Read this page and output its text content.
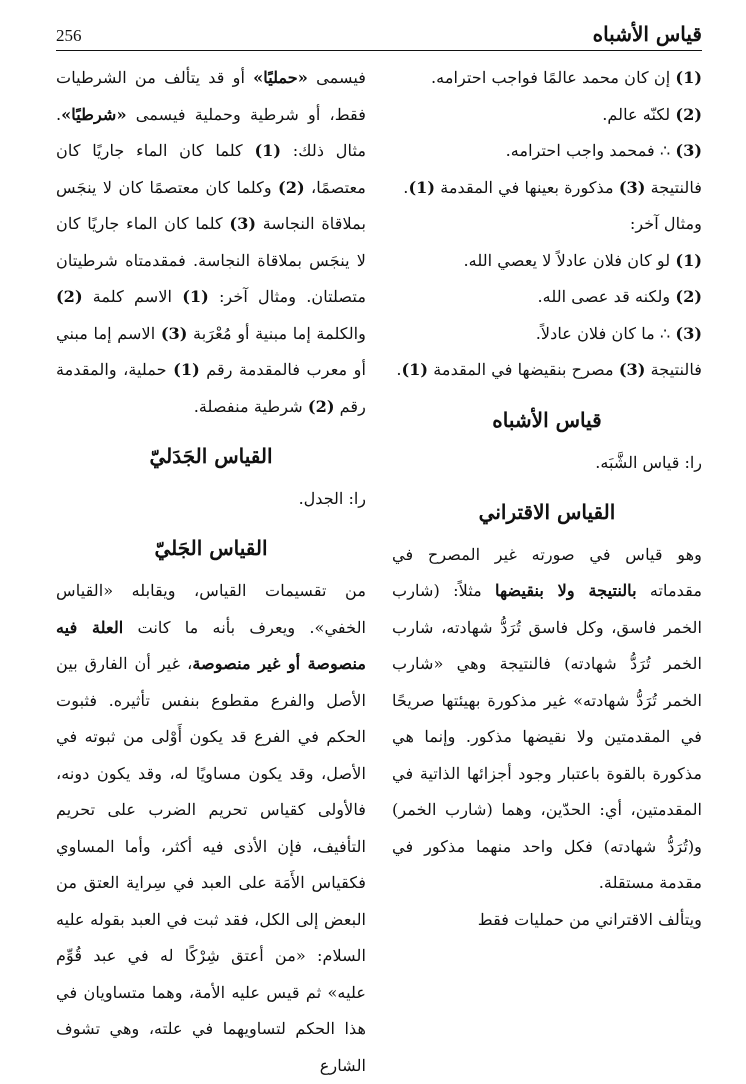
قياس الأشباه
256

(1) إن كان محمد عالمًا فواجب احترامه.

(2) لكنّه عالم.

(3) ∴ فمحمد واجب احترامه.

فالنتيجة (3) مذكورة بعينها في المقدمة (1).

ومثال آخر:

(1) لو كان فلان عادلاً لا يعصي الله.

(2) ولكنه قد عصى الله.

(3) ∴ ما كان فلان عادلاً.

فالنتيجة (3) مصرح بنقيضها في المقدمة (1).

قياس الأشباه

را: قياس الشَّبَه.

القياس الاقتراني

وهو قياس في صورته غير المصرح في مقدماته بالنتيجة ولا بنقيضها مثلاً: (شارب الخمر فاسق، وكل فاسق تُرَدُّ شهادته، شارب الخمر تُرَدُّ شهادته) فالنتيجة وهي «شارب الخمر تُرَدُّ شهادته» غير مذكورة بهيئتها صريحًا في المقدمتين ولا نقيضها مذكور. وإنما هي مذكورة بالقوة باعتبار وجود أجزائها الذاتية في المقدمتين، أي: الحدّين، وهما (شارب الخمر) و(تُرَدُّ شهادته) فكل واحد منهما مذكور في مقدمة مستقلة.

ويتألف الاقتراني من حمليات فقط

فيسمى «حمليًا» أو قد يتألف من الشرطيات فقط، أو شرطية وحملية فيسمى «شرطيًا». مثال ذلك: (1) كلما كان الماء جاريًا كان معتصمًا، (2) وكلما كان معتصمًا كان لا ينجَس بملاقاة النجاسة (3) كلما كان الماء جاريًا كان لا ينجَس بملاقاة النجاسة. فمقدمتاه شرطيتان متصلتان. ومثال آخر: (1) الاسم كلمة (2) والكلمة إما مبنية أو مُعْرَبة (3) الاسم إما مبني أو معرب فالمقدمة رقم (1) حملية، والمقدمة رقم (2) شرطية منفصلة.

القياس الجَدَليّ

را: الجدل.

القياس الجَليّ

من تقسيمات القياس، ويقابله «القياس الخفي». ويعرف بأنه ما كانت العلة فيه منصوصة أو غير منصوصة، غير أن الفارق بين الأصل والفرع مقطوع بنفس تأثيره. فثبوت الحكم في الفرع قد يكون أَوْلى من ثبوته في الأصل، وقد يكون مساويًا له، وقد يكون دونه، فالأولى كقياس تحريم الضرب على تحريم التأفيف، فإن الأذى فيه أكثر، وأما المساوي فكقياس الأَمَة على العبد في سِراية العتق من البعض إلى الكل، فقد ثبت في العبد بقوله عليه السلام: «من أعتق شِرْكًا له في عبد قُوِّم عليه» ثم قيس عليه الأمة، وهما متساويان في هذا الحكم لتساويهما في علته، وهي تشوف الشارع
